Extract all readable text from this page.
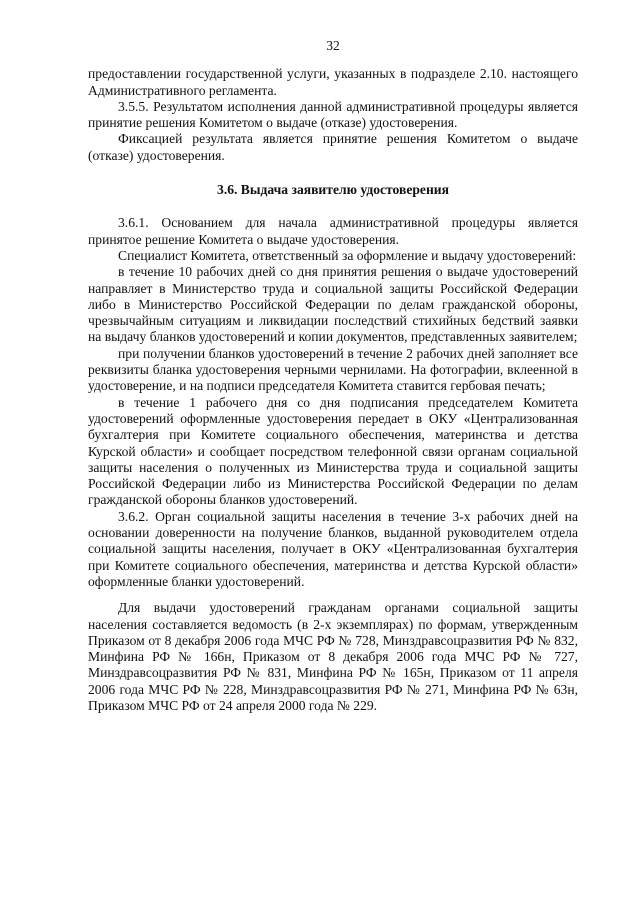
32

предоставлении государственной услуги, указанных в подразделе 2.10. настоящего Административного регламента.

3.5.5. Результатом исполнения данной административной процедуры является принятие решения Комитетом о выдаче (отказе) удостоверения.

Фиксацией результата является принятие решения Комитетом о выдаче (отказе) удостоверения.

3.6. Выдача заявителю удостоверения

3.6.1. Основанием для начала административной процедуры является принятое решение Комитета о выдаче удостоверения.

Специалист Комитета, ответственный за оформление и выдачу удостоверений:

в течение 10 рабочих дней со дня принятия решения о выдаче удостоверений направляет в Министерство труда и социальной защиты Российской Федерации либо в Министерство Российской Федерации по делам гражданской обороны, чрезвычайным ситуациям и ликвидации последствий стихийных бедствий заявки на выдачу бланков удостоверений и копии документов, представленных заявителем;

при получении бланков удостоверений в течение 2 рабочих дней заполняет все реквизиты бланка удостоверения черными чернилами. На фотографии, вклеенной в удостоверение, и на подписи председателя Комитета ставится гербовая печать;

в течение 1 рабочего дня со дня подписания председателем Комитета удостоверений оформленные удостоверения передает в ОКУ «Централизованная бухгалтерия при Комитете социального обеспечения, материнства и детства Курской области» и сообщает посредством телефонной связи органам социальной защиты населения о полученных из Министерства труда и социальной защиты Российской Федерации либо из Министерства Российской Федерации по делам гражданской обороны бланков удостоверений.

3.6.2. Орган социальной защиты населения в течение 3-х рабочих дней на основании доверенности на получение бланков, выданной руководителем отдела социальной защиты населения, получает в ОКУ «Централизованная бухгалтерия при Комитете социального обеспечения, материнства и детства Курской области» оформленные бланки удостоверений.

Для выдачи удостоверений гражданам органами социальной защиты населения составляется ведомость (в 2-х экземплярах) по формам, утвержденным Приказом от 8 декабря 2006 года МЧС РФ № 728, Минздравсоцразвития РФ № 832, Минфина РФ № 166н, Приказом от 8 декабря 2006 года МЧС РФ № 727, Минздравсоцразвития РФ № 831, Минфина РФ № 165н, Приказом от 11 апреля 2006 года МЧС РФ № 228, Минздравсоцразвития РФ № 271, Минфина РФ № 63н, Приказом МЧС РФ от 24 апреля 2000 года № 229.
